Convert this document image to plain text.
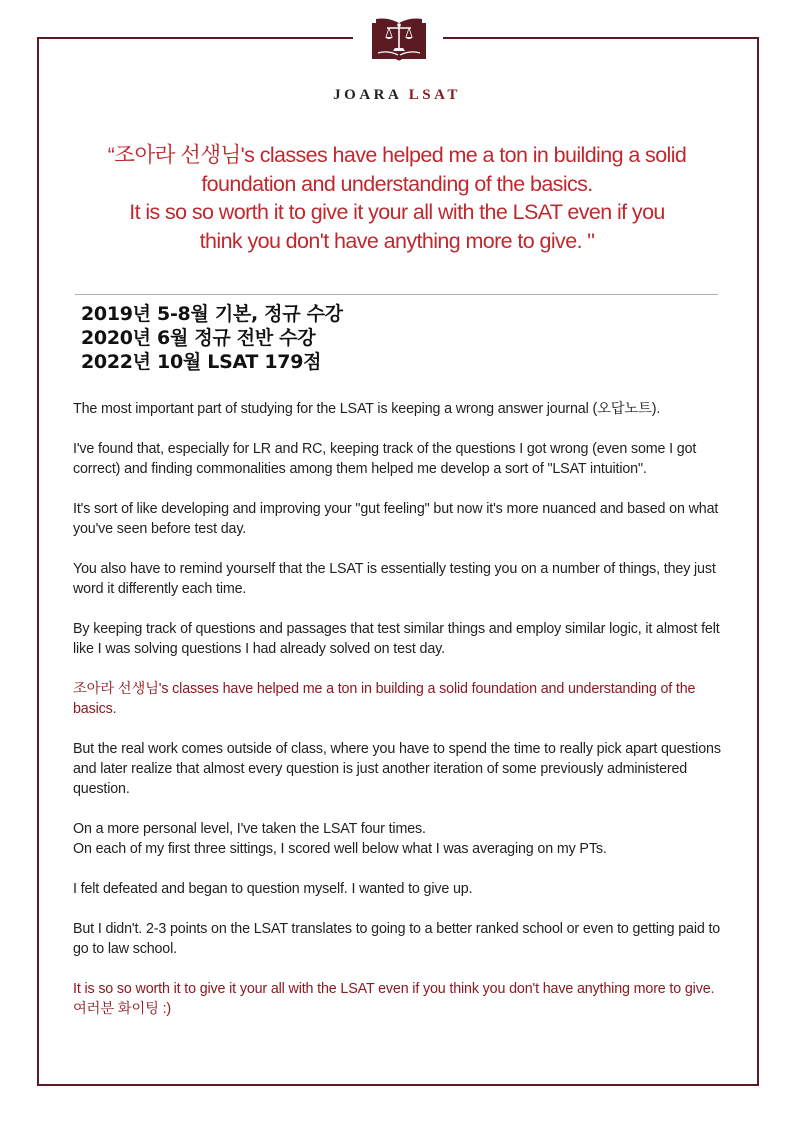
JOARA LSAT
“조아라 선생님's classes have helped me a ton in building a solid
foundation and understanding of the basics.
It is so so worth it to give it your all with the LSAT even if you
think you don't have anything more to give. "
2019년 5-8월 기본, 정규 수강
2020년 6월 정규 전반 수강
2022년 10월 LSAT 179점

The most important part of studying for the LSAT is keeping a wrong answer journal (오답노트).

I've found that, especially for LR and RC, keeping track of the questions I got wrong (even some I got correct) and finding commonalities among them helped me develop a sort of "LSAT intuition".

It's sort of like developing and improving your "gut feeling" but now it's more nuanced and based on what you've seen before test day.

You also have to remind yourself that the LSAT is essentially testing you on a number of things, they just word it differently each time.

By keeping track of questions and passages that test similar things and employ similar logic, it almost felt like I was solving questions I had already solved on test day.

조아라 선생님's classes have helped me a ton in building a solid foundation and understanding of the basics.

But the real work comes outside of class, where you have to spend the time to really pick apart questions and later realize that almost every question is just another iteration of some previously administered question.

On a more personal level, I've taken the LSAT four times.
On each of my first three sittings, I scored well below what I was averaging on my PTs.

I felt defeated and began to question myself. I wanted to give up.

But I didn't. 2-3 points on the LSAT translates to going to a better ranked school or even to getting paid to go to law school.

It is so so worth it to give it your all with the LSAT even if you think you don't have anything more to give. 여러분 화이팅 :)
